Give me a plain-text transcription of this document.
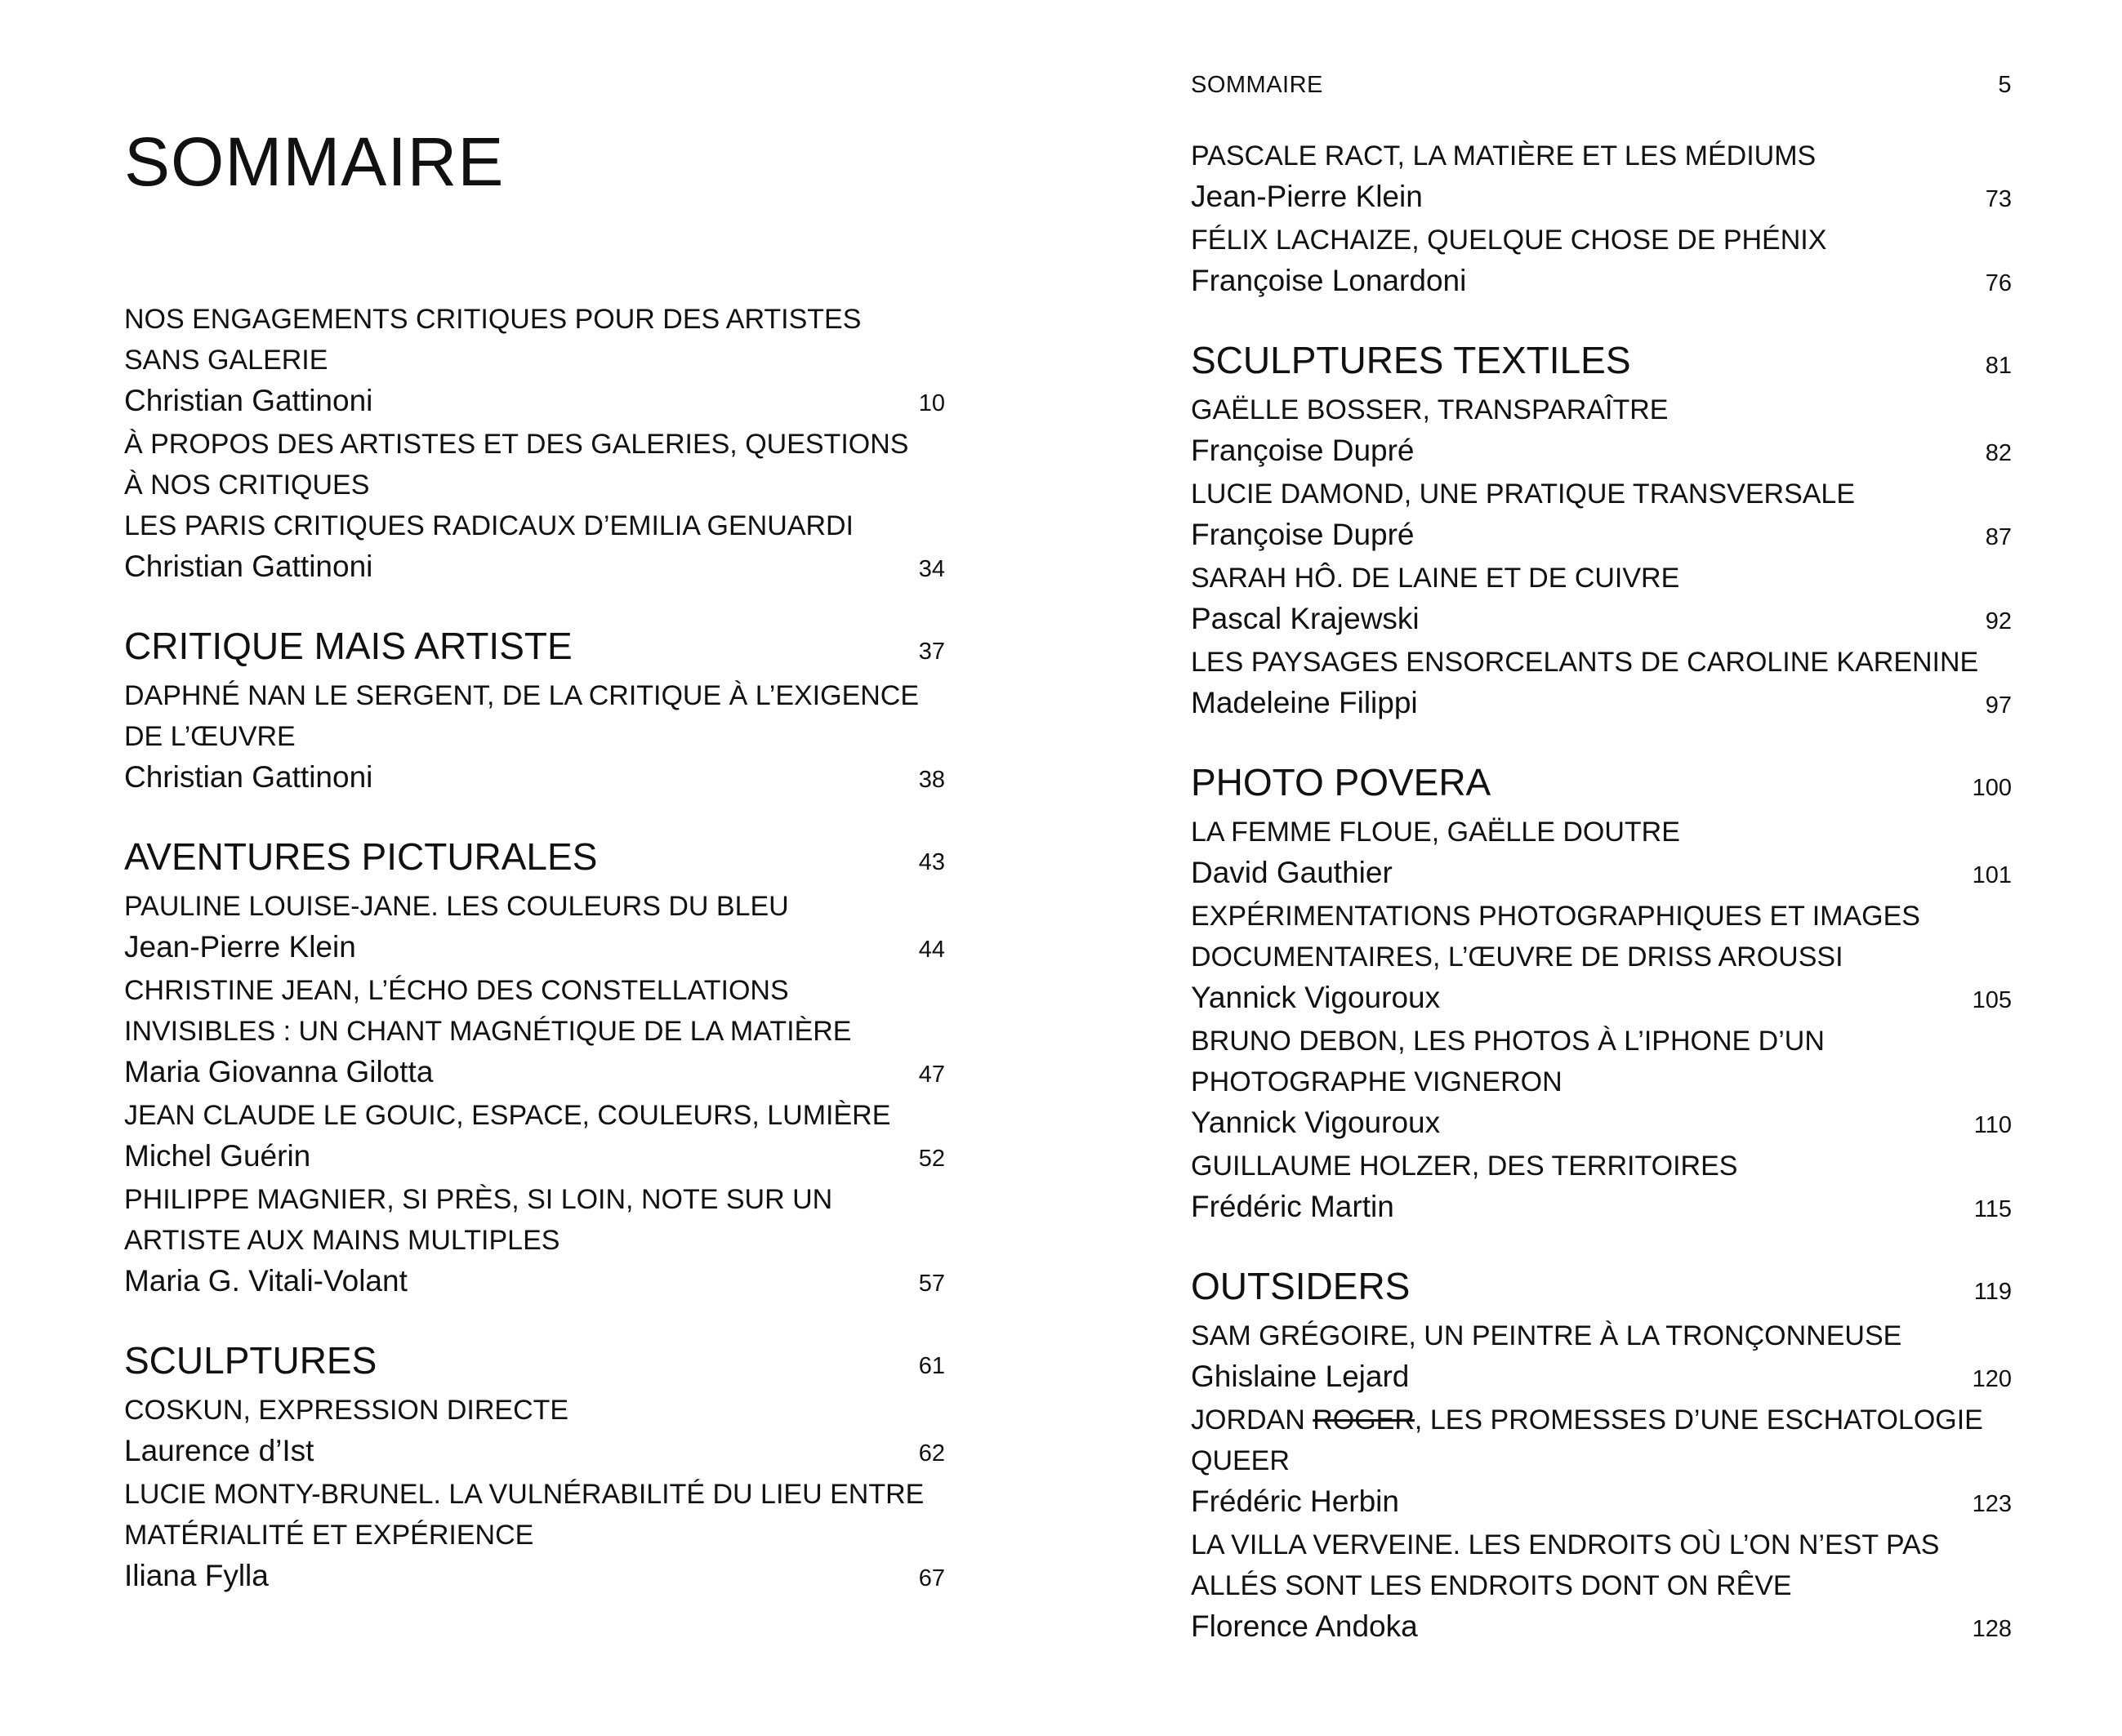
SOMMAIRE
NOS ENGAGEMENTS CRITIQUES POUR DES ARTISTES SANS GALERIE
Christian Gattinoni	10
À PROPOS DES ARTISTES ET DES GALERIES, QUESTIONS À NOS CRITIQUES
LES PARIS CRITIQUES RADICAUX D’EMILIA GENUARDI
Christian Gattinoni	34
CRITIQUE MAIS ARTISTE	37
DAPHNÉ NAN LE SERGENT, DE LA CRITIQUE À L’EXIGENCE DE L’ŒUVRE
Christian Gattinoni	38
AVENTURES PICTURALES	43
PAULINE LOUISE-JANE. LES COULEURS DU BLEU
Jean-Pierre Klein	44
CHRISTINE JEAN, L’ÉCHO DES CONSTELLATIONS INVISIBLES : UN CHANT MAGNÉTIQUE DE LA MATIÈRE
Maria Giovanna Gilotta	47
JEAN CLAUDE LE GOUIC, ESPACE, COULEURS, LUMIÈRE
Michel Guérin	52
PHILIPPE MAGNIER, SI PRÈS, SI LOIN, NOTE SUR UN ARTISTE AUX MAINS MULTIPLES
Maria G. Vitali-Volant	57
SCULPTURES	61
COSKUN, EXPRESSION DIRECTE
Laurence d’Ist	62
LUCIE MONTY-BRUNEL. LA VULNÉRABILITÉ DU LIEU ENTRE MATÉRIALITÉ ET EXPÉRIENCE
Iliana Fylla	67
SOMMAIRE	5
PASCALE RACT, LA MATIÈRE ET LES MÉDIUMS
Jean-Pierre Klein	73
FÉLIX LACHAIZE, QUELQUE CHOSE DE PHÉNIX
Françoise Lonardoni	76
SCULPTURES TEXTILES	81
GAËLLE BOSSER, TRANSPARAÎTRE
Françoise Dupré	82
LUCIE DAMOND, UNE PRATIQUE TRANSVERSALE
Françoise Dupré	87
SARAH HÔ. DE LAINE ET DE CUIVRE
Pascal Krajewski	92
LES PAYSAGES ENSORCELANTS DE CAROLINE KARENINE
Madeleine Filippi	97
PHOTO POVERA	100
LA FEMME FLOUE, GAËLLE DOUTRE
David Gauthier	101
EXPÉRIMENTATIONS PHOTOGRAPHIQUES ET IMAGES DOCUMENTAIRES, L’ŒUVRE DE DRISS AROUSSI
Yannick Vigouroux	105
BRUNO DEBON, LES PHOTOS À L’IPHONE D’UN PHOTOGRAPHE VIGNERON
Yannick Vigouroux	110
GUILLAUME HOLZER, DES TERRITOIRES
Frédéric Martin	115
OUTSIDERS	119
SAM GRÉGOIRE, UN PEINTRE À LA TRONÇONNEUSE
Ghislaine Lejard	120
JORDAN ROGER, LES PROMESSES D’UNE ESCHATOLOGIE QUEER
Frédéric Herbin	123
LA VILLA VERVEINE. LES ENDROITS OÙ L’ON N’EST PAS ALLÉS SONT LES ENDROITS DONT ON RÊVE
Florence Andoka	128
